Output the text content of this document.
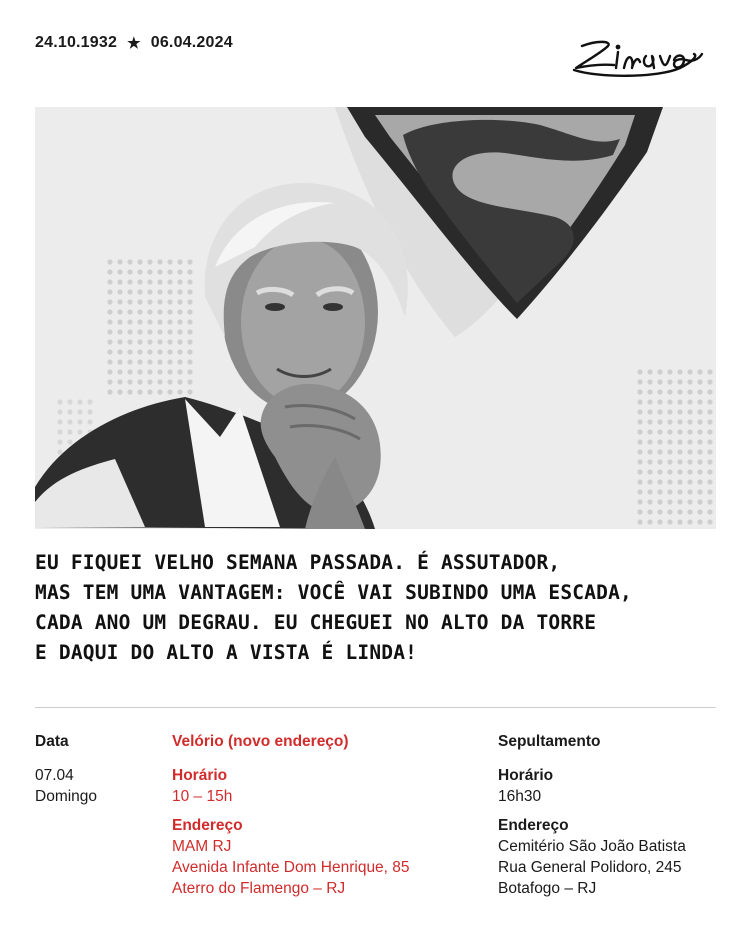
24.10.1932 ★ 06.04.2024
EU FIQUEI VELHO SEMANA PASSADA. É ASSUTADOR,
MAS TEM UMA VANTAGEM: VOCÊ VAI SUBINDO UMA ESCADA,
CADA ANO UM DEGRAU. EU CHEGUEI NO ALTO DA TORRE
E DAQUI DO ALTO A VISTA É LINDA!
Data
07.04
Domingo
Velório (novo endereço)
Horário
10 – 15h
Endereço
MAM RJ
Avenida Infante Dom Henrique, 85
Aterro do Flamengo – RJ
Sepultamento
Horário
16h30
Endereço
Cemitério São João Batista
Rua General Polidoro, 245
Botafogo – RJ
